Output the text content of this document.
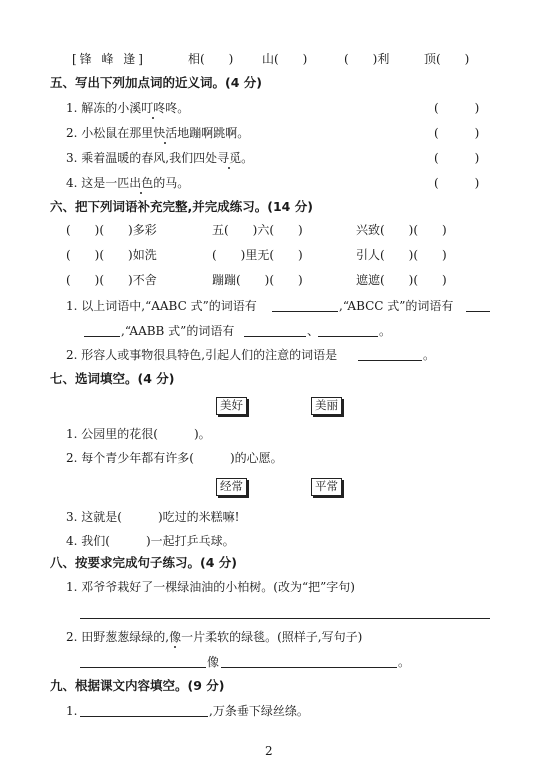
[锋 峰 逢]	相(　　) 山(　　)	(　　)利	顶(　　)
五、写出下列加点词的近义词。(4 分)
1. 解冻的小溪叮咚咚。	(　　　)
2. 小松鼠在那里快活地蹦啊跳啊。	(　　　)
3. 乘着温暖的春风,我们四处寻觅。	(　　　)
4. 这是一匹出色的马。	(　　　)
六、把下列词语补充完整,并完成练习。(14 分)
(　　)(　　)多彩	五(　　)六(　　)	兴致(　　)(　　)
(　　)(　　)如洗	(　　)里无(　　)	引人(　　)(　　)
(　　)(　　)不舍	蹦蹦(　　)(　　)	遮遮(　　)(　　)
1. 以上词语中,“AABC 式”的词语有	,“ABCC 式”的词语有
,“AABB 式”的词语有	、	。
2. 形容人或事物很具特色,引起人们的注意的词语是	。
七、选词填空。(4 分)
美好	美丽
1. 公园里的花很(　　　)。
2. 每个青少年都有许多(　　　)的心愿。
经常	平常
3. 这就是(　　　)吃过的米糕嘛!
4. 我们(　　　)一起打乒乓球。
八、按要求完成句子练习。(4 分)
1. 邓爷爷栽好了一棵绿油油的小柏树。(改为“把”字句)
2. 田野葱葱绿绿的,像一片柔软的绿毯。(照样子,写句子)
像	。
九、根据课文内容填空。(9 分)
1.	,万条垂下绿丝绦。
2
